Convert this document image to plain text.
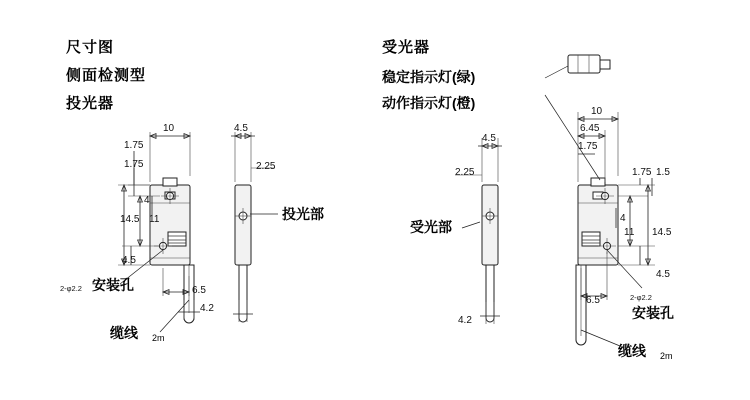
尺寸图
侧面检测型
投光器
受光器
稳定指示灯(绿)
动作指示灯(橙)
10	4.5
1.75
1.75	2.25
14.5 11
4
4.5
6.5
4.2
投光部
2-φ2.2 安装孔
缆线 2m
10
6.45
1.75
4.5
2.25	1.75 1.5
4
11 14.5
4.5
6.5
4.2
受光部
2-φ2.2
安装孔
缆线 2m
